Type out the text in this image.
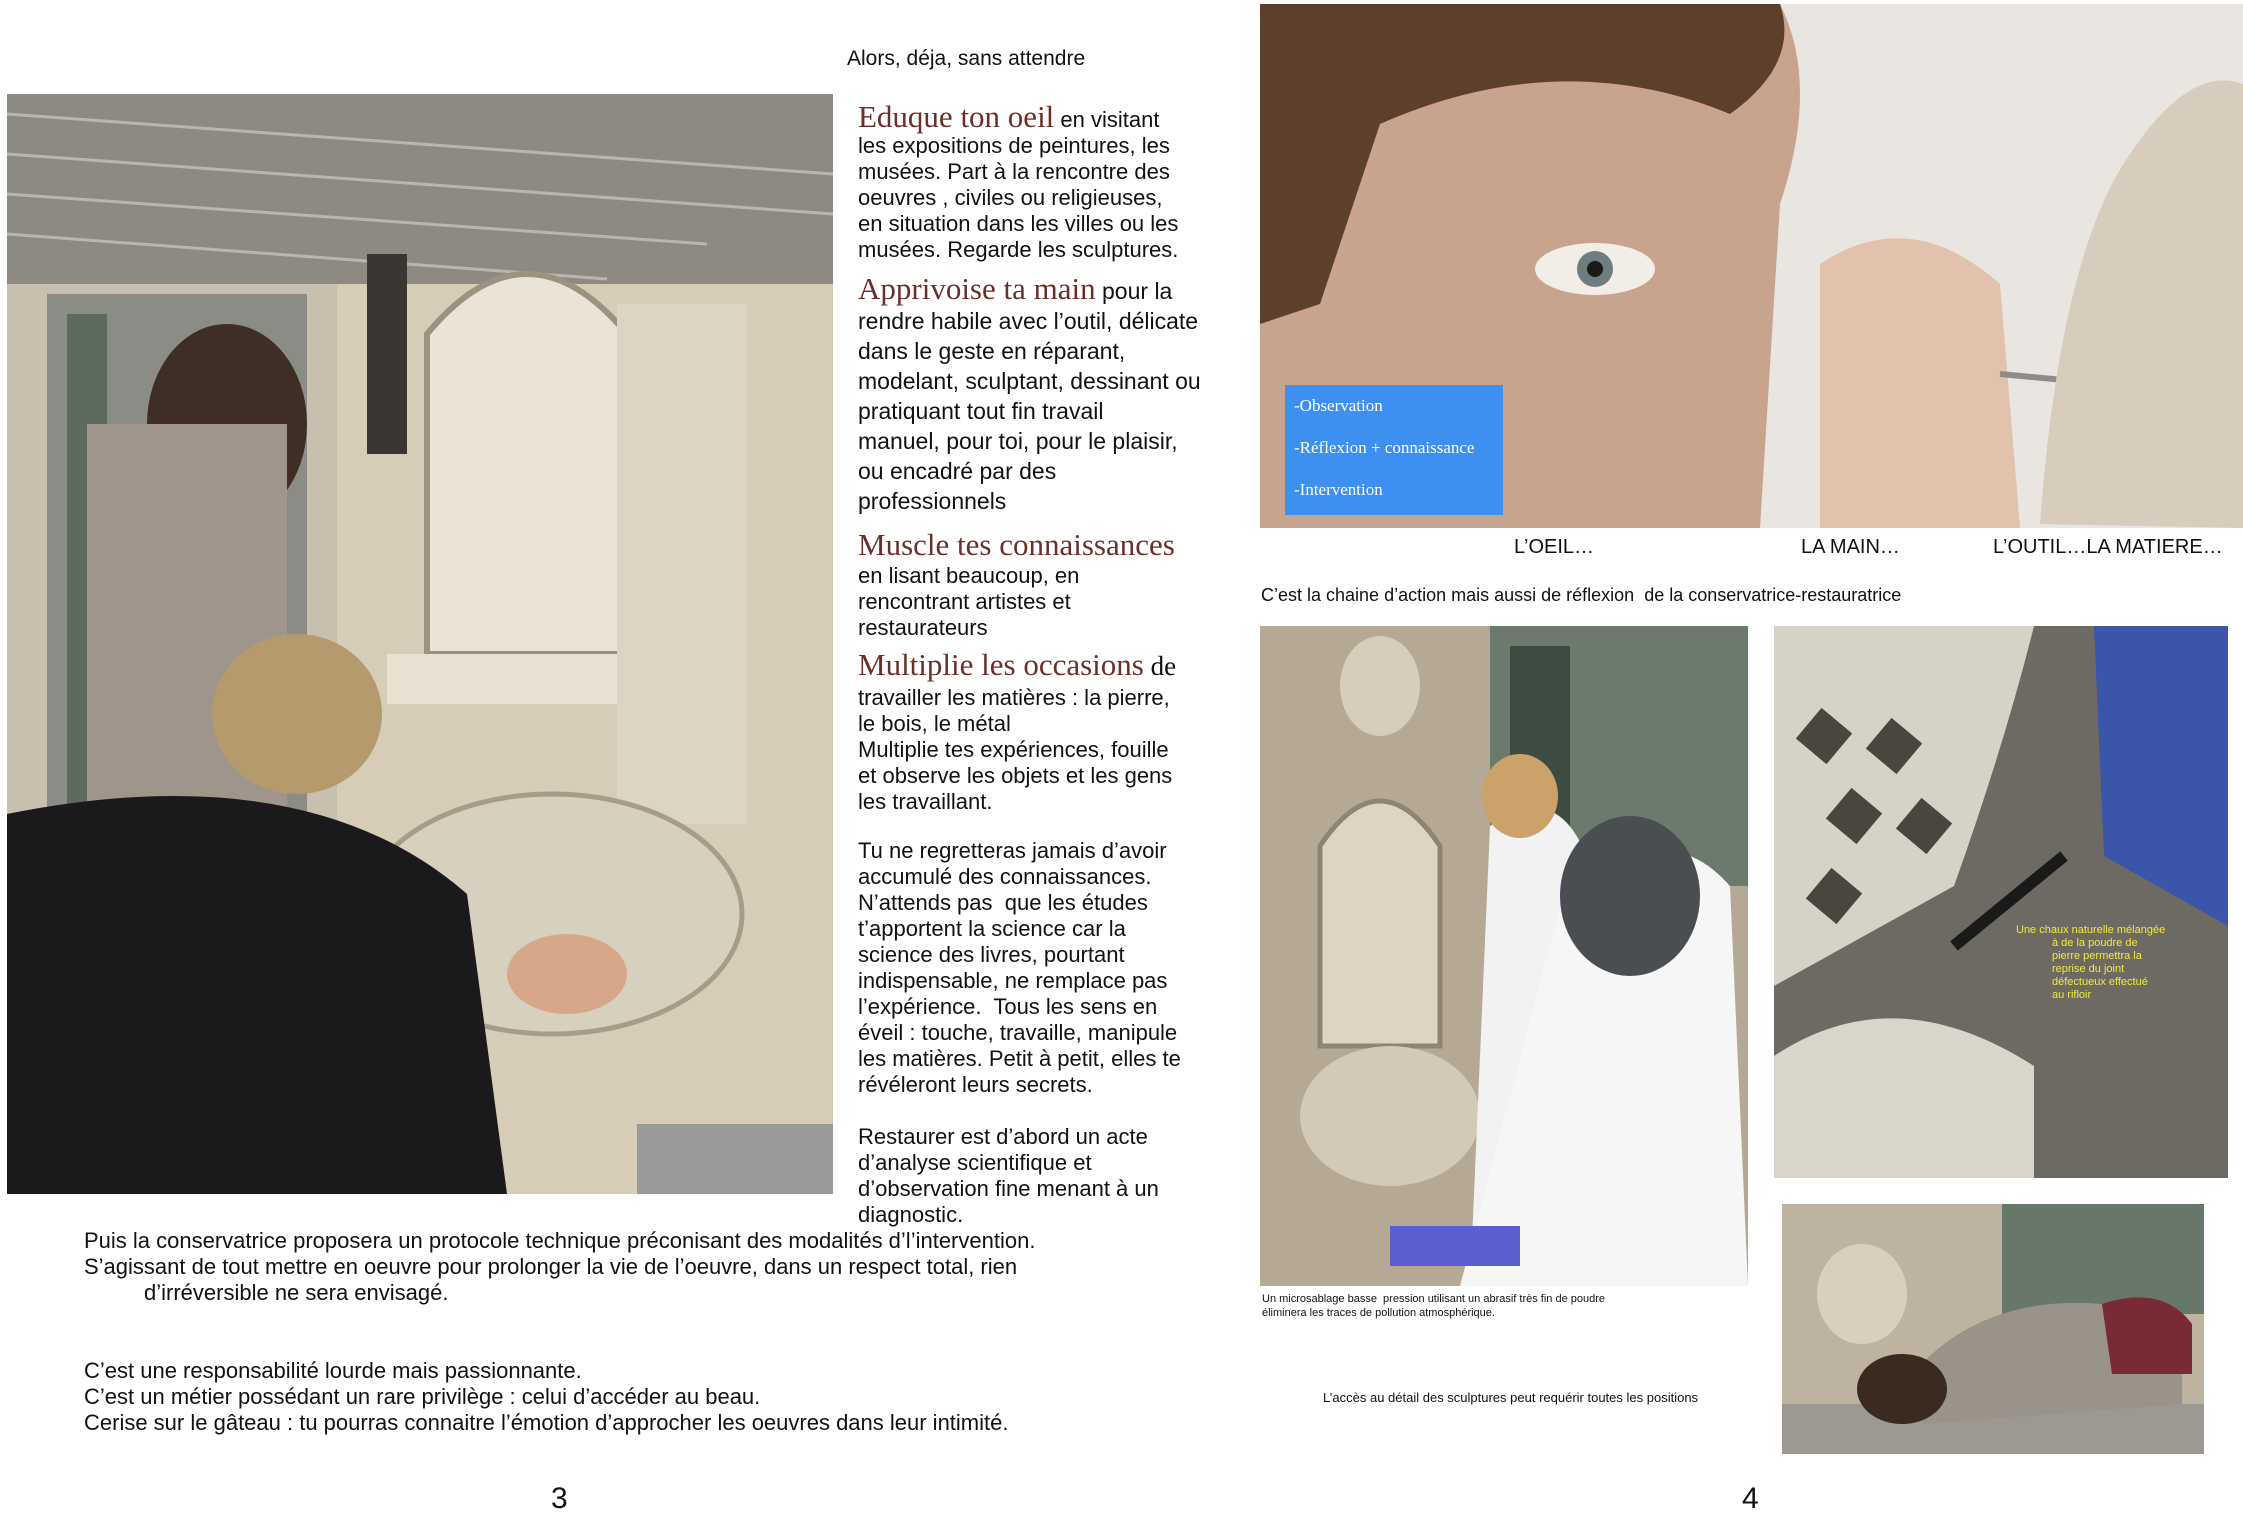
Alors, déja, sans attendre
Eduque ton oeil en visitant
les expositions de peintures, les
musées. Part à la rencontre des
oeuvres , civiles ou religieuses,
en situation dans les villes ou les
musées. Regarde les sculptures.
Apprivoise ta main pour la
rendre habile avec l’outil, délicate
dans le geste en réparant,
modelant, sculptant, dessinant ou
pratiquant tout fin travail
manuel, pour toi, pour le plaisir,
ou encadré par des
professionnels
Muscle tes connaissances
en lisant beaucoup, en
rencontrant artistes et
restaurateurs
Multiplie les occasions de
travailler les matières : la pierre,
le bois, le métal
Multiplie tes expériences, fouille
et observe les objets et les gens
les travaillant.
Tu ne regretteras jamais d’avoir
accumulé des connaissances.
N’attends pas  que les études
t’apportent la science car la
science des livres, pourtant
indispensable, ne remplace pas
l’expérience.  Tous les sens en
éveil : touche, travaille, manipule
les matières. Petit à petit, elles te
révéleront leurs secrets.
Restaurer est d’abord un acte
d’analyse scientifique et
d’observation fine menant à un
diagnostic.
Puis la conservatrice proposera un protocole technique préconisant des modalités d’l’intervention.
S’agissant de tout mettre en oeuvre pour prolonger la vie de l’oeuvre, dans un respect total, rien
d’irréversible ne sera envisagé.
C’est une responsabilité lourde mais passionnante.
C’est un métier possédant un rare privilège : celui d’accéder au beau.
Cerise sur le gâteau : tu pourras connaitre l’émotion d’approcher les oeuvres dans leur intimité.
3
-Observation
-Réflexion + connaissance
-Intervention
L’OEIL…	LA MAIN…	L’OUTIL…LA MATIERE…
C’est la chaine d’action mais aussi de réflexion  de la conservatrice-restauratrice
Un microsablage basse  pression utilisant un abrasif très fin de poudre
éliminera les traces de pollution atmosphérique.
Une chaux naturelle mélangée
à de la poudre de
pierre permettra la
reprise du joint
défectueux effectué
au rifloir
L’accès au détail des sculptures peut requérir toutes les positions
4
